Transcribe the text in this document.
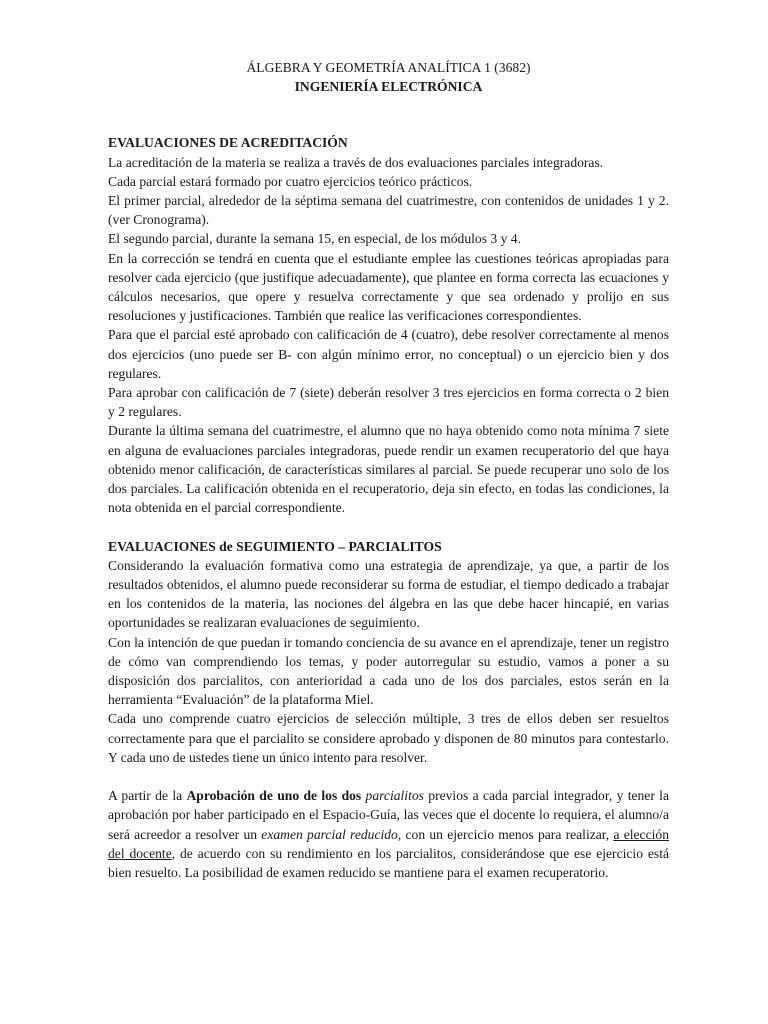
ÁLGEBRA Y GEOMETRÍA ANALÍTICA 1 (3682)
INGENIERÍA ELECTRÓNICA

EVALUACIONES DE ACREDITACIÓN

La acreditación de la materia se realiza a través de dos evaluaciones parciales integradoras.

Cada parcial estará formado por cuatro ejercicios teórico prácticos.

El primer parcial, alrededor de la séptima semana del cuatrimestre, con contenidos de unidades 1 y 2. (ver Cronograma).

El segundo parcial, durante la semana 15, en especial, de los módulos 3 y 4.

En la corrección se tendrá en cuenta que el estudiante emplee las cuestiones teóricas apropiadas para resolver cada ejercicio (que justifique adecuadamente), que plantee en forma correcta las ecuaciones y cálculos necesarios, que opere y resuelva correctamente y que sea ordenado y prolijo en sus resoluciones y justificaciones. También que realice las verificaciones correspondientes.

Para que el parcial esté aprobado con calificación de 4 (cuatro), debe resolver correctamente al menos dos ejercicios (uno puede ser B- con algún mínimo error, no conceptual) o un ejercicio bien y dos regulares.

Para aprobar con calificación de 7 (siete) deberán resolver 3 tres ejercicios en forma correcta o 2 bien y 2 regulares.

Durante la última semana del cuatrimestre, el alumno que no haya obtenido como nota mínima 7 siete en alguna de evaluaciones parciales integradoras, puede rendir un examen recuperatorio del que haya obtenido menor calificación, de características similares al parcial. Se puede recuperar uno solo de los dos parciales. La calificación obtenida en el recuperatorio, deja sin efecto, en todas las condiciones, la nota obtenida en el parcial correspondiente.

EVALUACIONES de SEGUIMIENTO – PARCIALITOS

Considerando la evaluación formativa como una estrategia de aprendizaje, ya que, a partir de los resultados obtenidos, el alumno puede reconsiderar su forma de estudiar, el tiempo dedicado a trabajar en los contenidos de la materia, las nociones del álgebra en las que debe hacer hincapié, en varias oportunidades se realizaran evaluaciones de seguimiento.

Con la intención de que puedan ir tomando conciencia de su avance en el aprendizaje, tener un registro de cómo van comprendiendo los temas, y poder autorregular su estudio, vamos a poner a su disposición dos parcialitos, con anterioridad a cada uno de los dos parciales, estos serán en la herramienta “Evaluación” de la plataforma Miel.

Cada uno comprende cuatro ejercicios de selección múltiple, 3 tres de ellos deben ser resueltos correctamente para que el parcialito se considere aprobado y disponen de 80 minutos para contestarlo. Y cada uno de ustedes tiene un único intento para resolver.

A partir de la Aprobación de uno de los dos parcialitos previos a cada parcial integrador, y tener la aprobación por haber participado en el Espacio-Guía, las veces que el docente lo requiera, el alumno/a será acreedor a resolver un examen parcial reducido, con un ejercicio menos para realizar, a elección del docente, de acuerdo con su rendimiento en los parcialitos, considerándose que ese ejercicio está bien resuelto. La posibilidad de examen reducido se mantiene para el examen recuperatorio.
